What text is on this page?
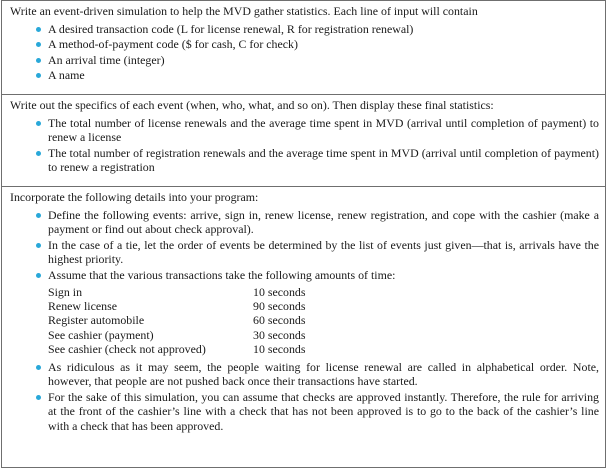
Write an event-driven simulation to help the MVD gather statistics. Each line of input will contain

A desired transaction code (L for license renewal, R for registration renewal)
A method-of-payment code ($ for cash, C for check)
An arrival time (integer)
A name

Write out the specifics of each event (when, who, what, and so on). Then display these final statistics:

The total number of license renewals and the average time spent in MVD (arrival until completion of payment) to renew a license
The total number of registration renewals and the average time spent in MVD (arrival until completion of payment) to renew a registration

Incorporate the following details into your program:

Define the following events: arrive, sign in, renew license, renew registration, and cope with the cashier (make a payment or find out about check approval).
In the case of a tie, let the order of events be determined by the list of events just given—that is, arrivals have the highest priority.
Assume that the various transactions take the following amounts of time:
Sign in	10 seconds
Renew license	90 seconds
Register automobile	60 seconds
See cashier (payment)	30 seconds
See cashier (check not approved)	10 seconds
As ridiculous as it may seem, the people waiting for license renewal are called in alphabetical order. Note, however, that people are not pushed back once their transactions have started.
For the sake of this simulation, you can assume that checks are approved instantly. Therefore, the rule for arriving at the front of the cashier’s line with a check that has not been approved is to go to the back of the cashier’s line with a check that has been approved.
